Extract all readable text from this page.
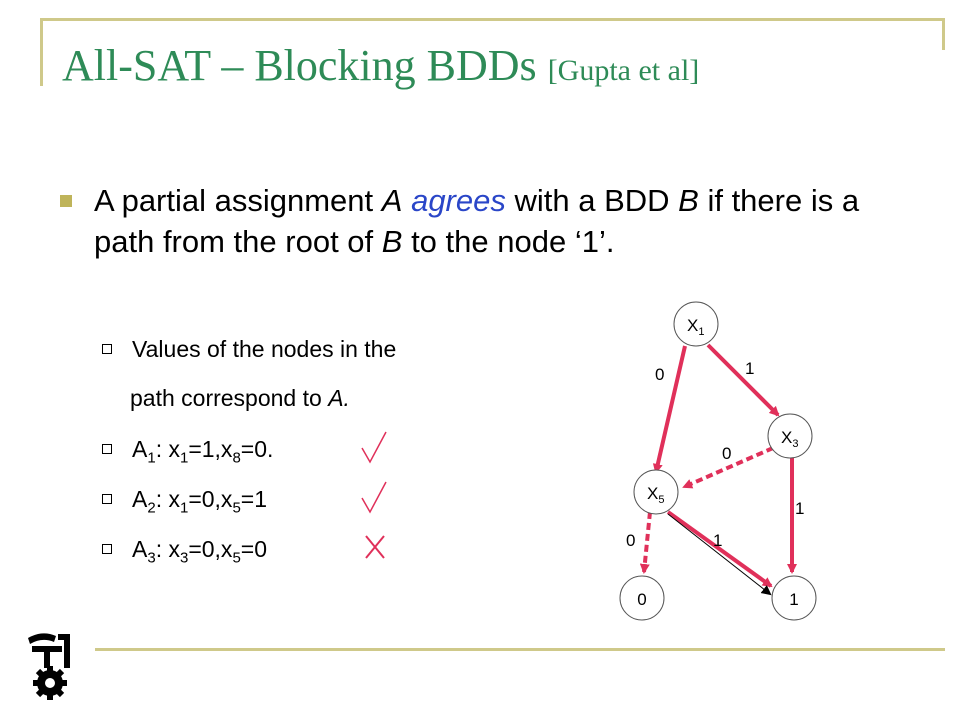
All-SAT – Blocking BDDs [Gupta et al]
A partial assignment A agrees with a BDD B if there is a path from the root of B to the node ‘1’.
Values of the nodes in the
path correspond to A.
$A_1$: $x_1=1,x_8=0$.
$A_2$: $x_1=0,x_5=1$
$A_3$: $x_3=0,x_5=0$
0	1
0
1
0	1
$X_1$
$X_3$
$X_5$
0	1
